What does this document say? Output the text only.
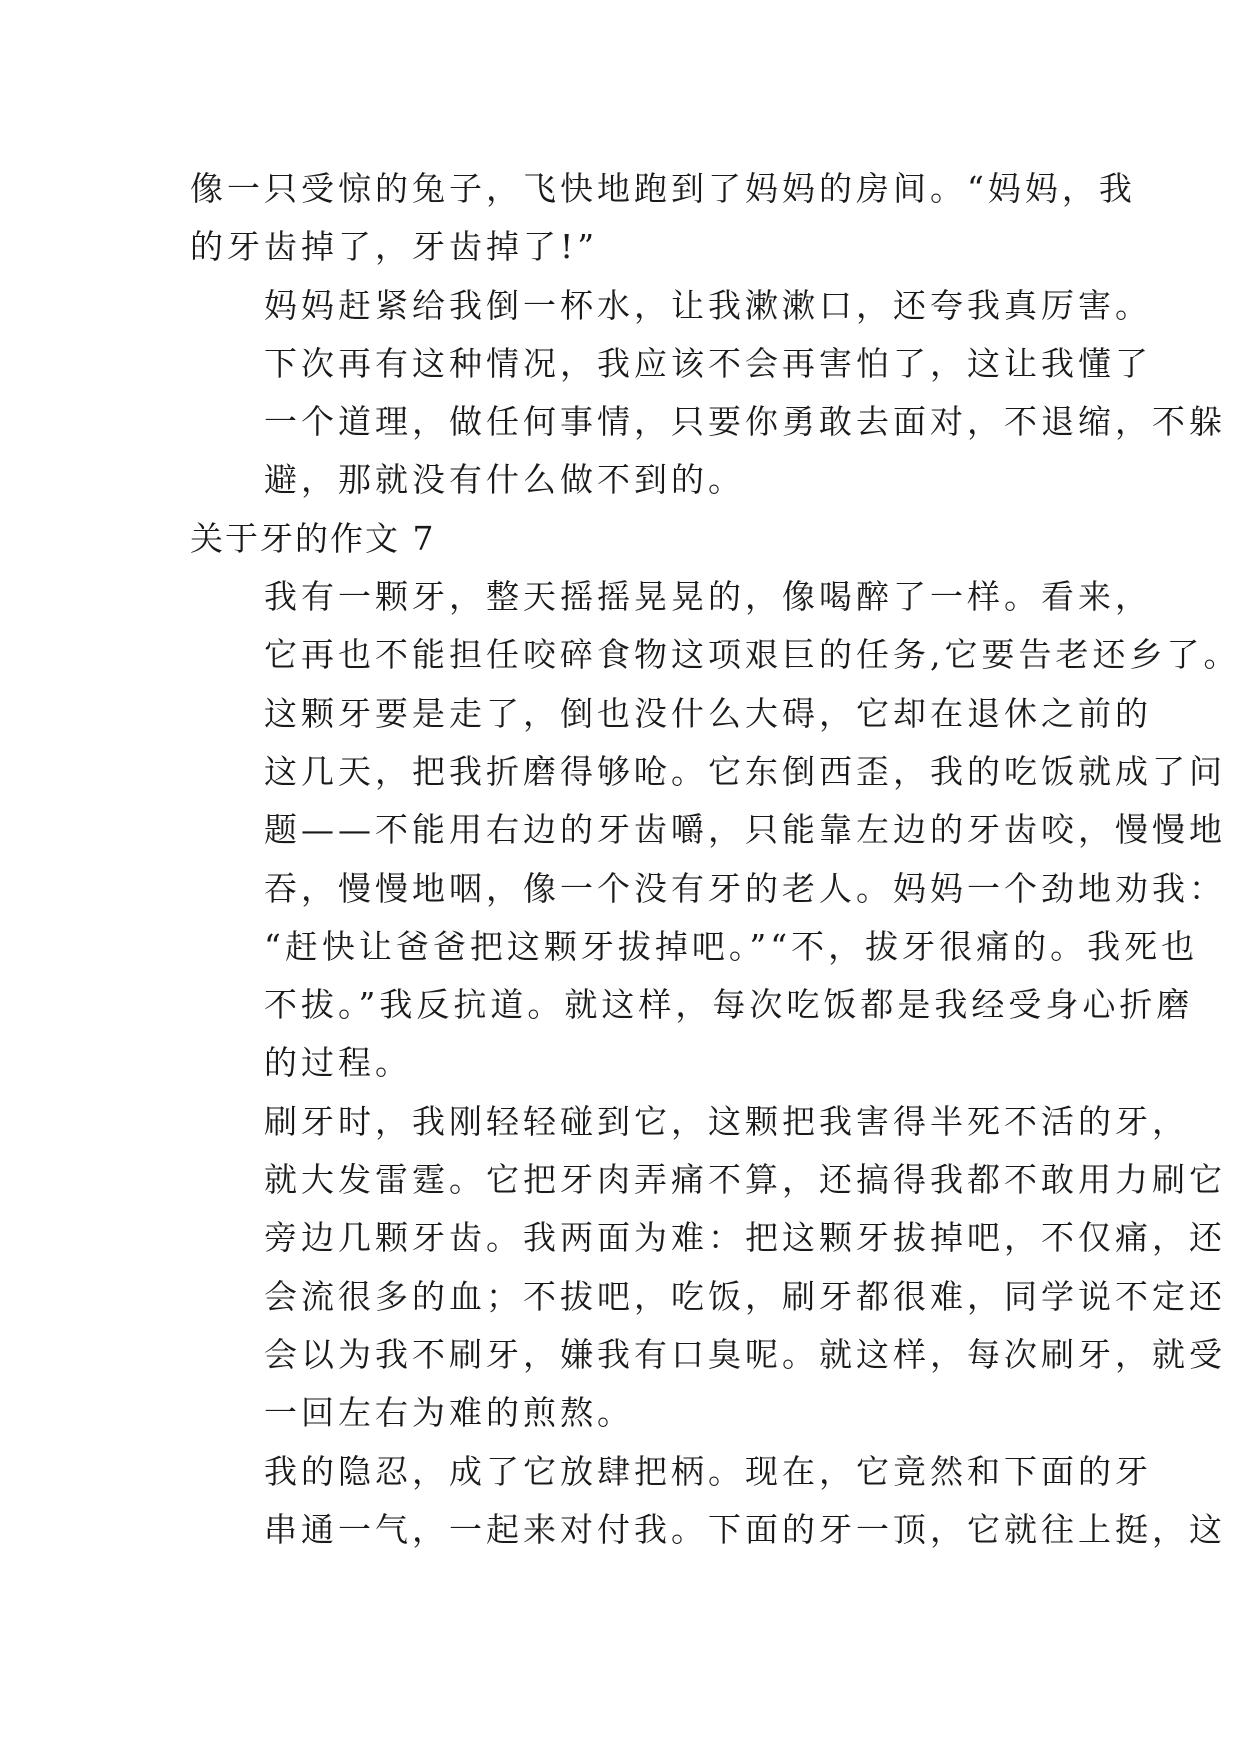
像一只受惊的兔子，飞快地跑到了妈妈的房间。“妈妈，我
的牙齿掉了，牙齿掉了!”

妈妈赶紧给我倒一杯水，让我漱漱口，还夸我真厉害。

下次再有这种情况，我应该不会再害怕了，这让我懂了
一个道理，做任何事情，只要你勇敢去面对，不退缩，不躲
避，那就没有什么做不到的。

关于牙的作文 7

我有一颗牙，整天摇摇晃晃的，像喝醉了一样。看来，
它再也不能担任咬碎食物这项艰巨的任务,它要告老还乡了。

这颗牙要是走了，倒也没什么大碍，它却在退休之前的
这几天，把我折磨得够呛。它东倒西歪，我的吃饭就成了问
题——不能用右边的牙齿嚼，只能靠左边的牙齿咬，慢慢地
吞，慢慢地咽，像一个没有牙的老人。妈妈一个劲地劝我：
“赶快让爸爸把这颗牙拔掉吧。”“不，拔牙很痛的。我死也
不拔。”我反抗道。就这样，每次吃饭都是我经受身心折磨
的过程。

刷牙时，我刚轻轻碰到它，这颗把我害得半死不活的牙，
就大发雷霆。它把牙肉弄痛不算，还搞得我都不敢用力刷它
旁边几颗牙齿。我两面为难：把这颗牙拔掉吧，不仅痛，还
会流很多的血；不拔吧，吃饭，刷牙都很难，同学说不定还
会以为我不刷牙，嫌我有口臭呢。就这样，每次刷牙，就受
一回左右为难的煎熬。

我的隐忍，成了它放肆把柄。现在，它竟然和下面的牙
串通一气，一起来对付我。下面的牙一顶，它就往上挺，这
